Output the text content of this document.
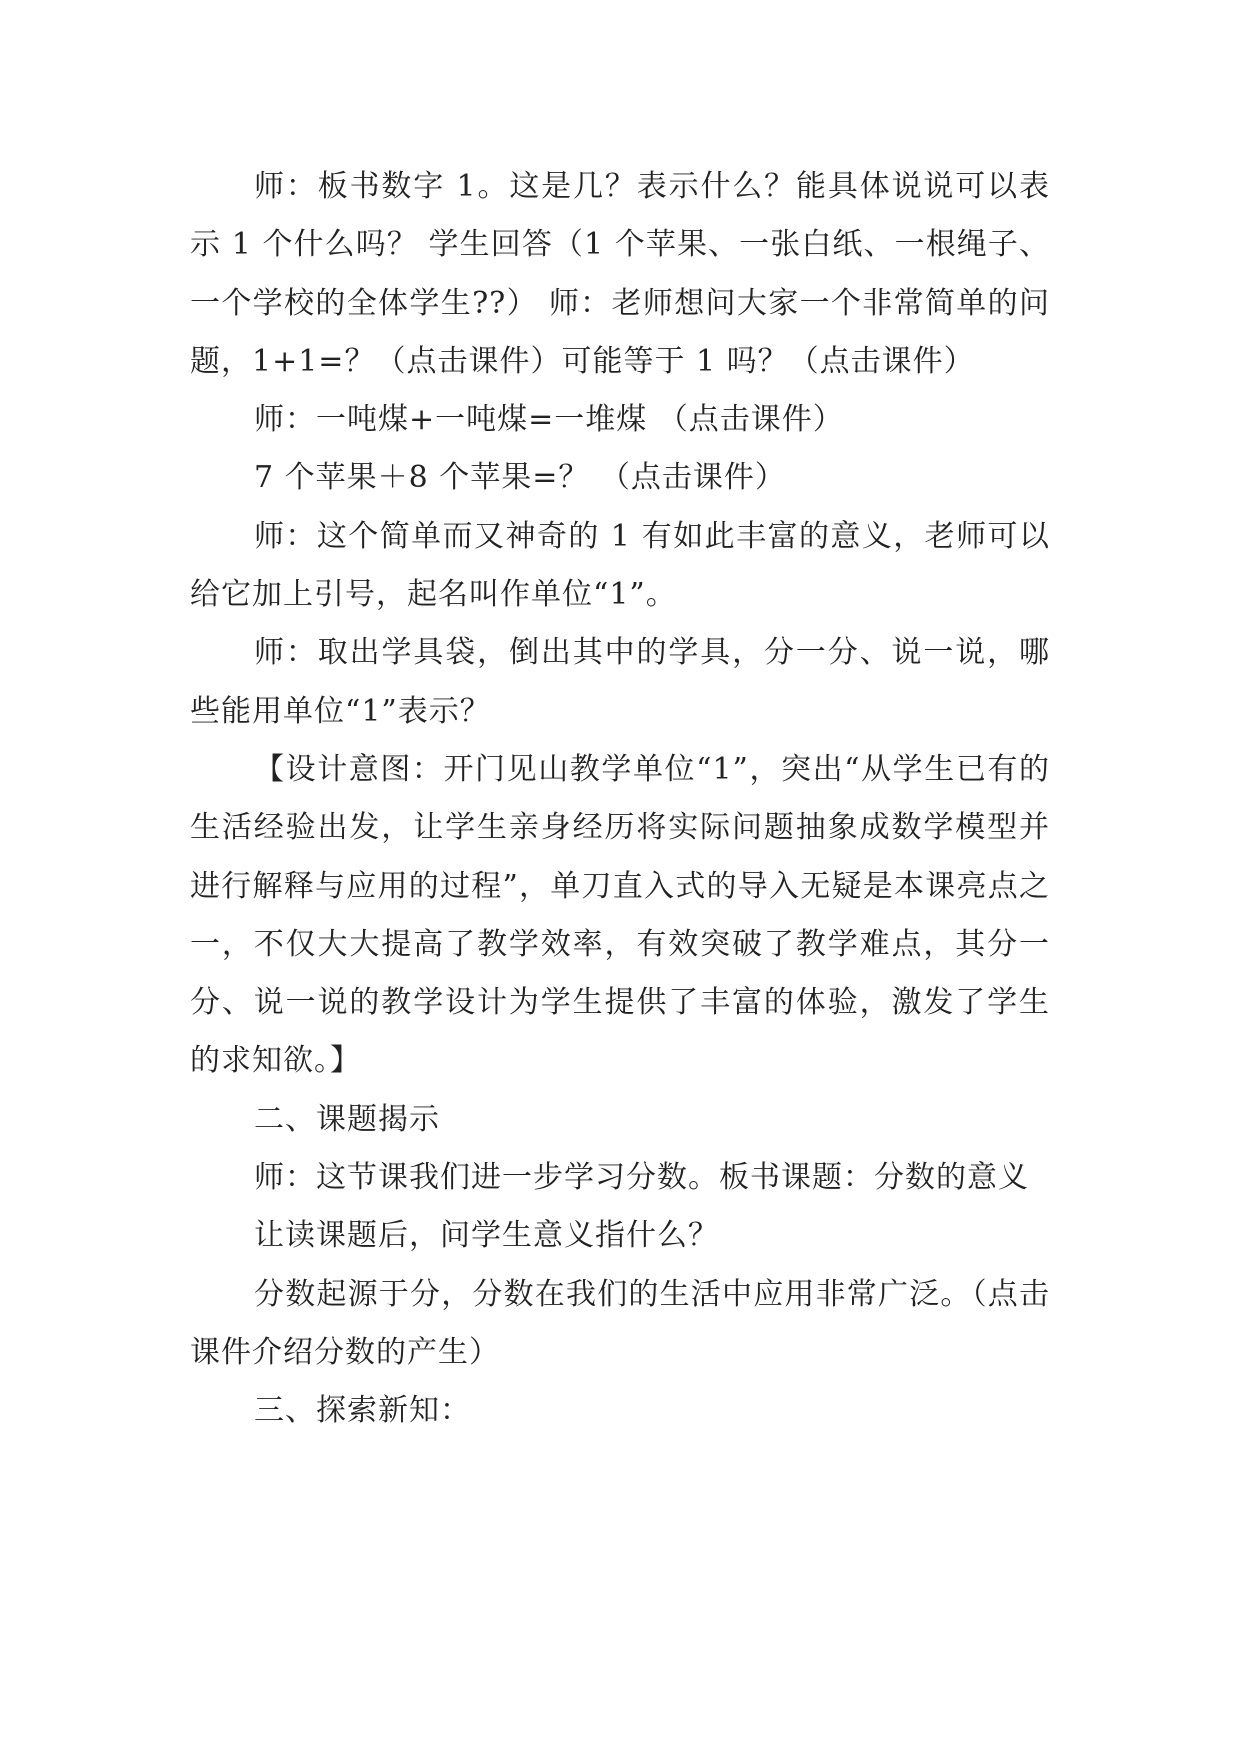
师：板书数字 1。这是几？表示什么？能具体说说可以表示 1 个什么吗？ 学生回答（1 个苹果、一张白纸、一根绳子、一个学校的全体学生??） 师：老师想问大家一个非常简单的问题，1+1=？（点击课件）可能等于 1 吗？（点击课件）

师：一吨煤+一吨煤=一堆煤 （点击课件）

7 个苹果＋8 个苹果=？ （点击课件）

师：这个简单而又神奇的 1 有如此丰富的意义，老师可以给它加上引号，起名叫作单位“1”。

师：取出学具袋，倒出其中的学具，分一分、说一说，哪些能用单位“1”表示？

【设计意图：开门见山教学单位“1”，突出“从学生已有的生活经验出发，让学生亲身经历将实际问题抽象成数学模型并进行解释与应用的过程”，单刀直入式的导入无疑是本课亮点之一，不仅大大提高了教学效率，有效突破了教学难点，其分一分、说一说的教学设计为学生提供了丰富的体验，激发了学生的求知欲。】

二、课题揭示

师：这节课我们进一步学习分数。板书课题：分数的意义

让读课题后，问学生意义指什么？

分数起源于分，分数在我们的生活中应用非常广泛。（点击课件介绍分数的产生）

三、探索新知：
